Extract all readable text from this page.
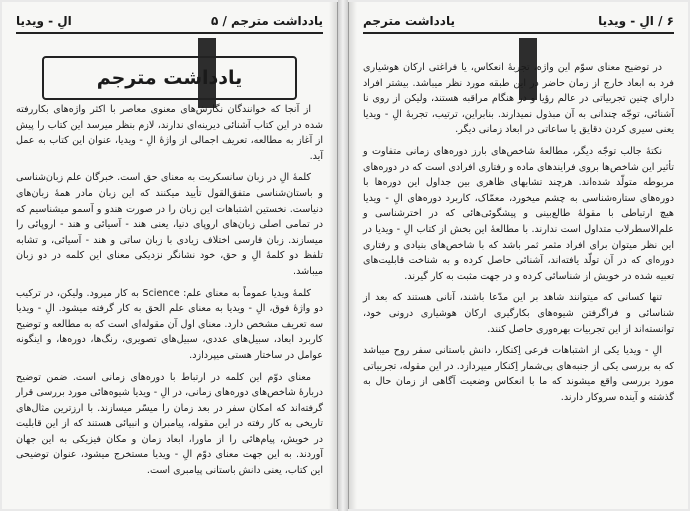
یادداشت مترجم / ۵
الِ - ویدیا
یادداشت مترجم

از آنجا که خوانندگان نگارش‌های معنوی معاصر با اکثر واژه‌های بکاررفته شده در این کتاب آشنائی دیرینه‌ای ندارند، لازم بنظر میرسد این کتاب را پیش از آغاز به مطالعه، تعریف اجمالی از واژهٔ الِ - ویدیا، عنوان این کتاب به عمل آید.

کلمهٔ الِ در زبان سانسکریت به معنای حق است. خبرگان علم زبان‌شناسی و باستان‌شناسی متفق‌القول تأیید میکنند که این زبان مادر همهٔ زبان‌های دنیاست. نخستین اشتباهات این زبان را در صورت هندو و آسمو میشناسیم که در تمامی اصلی زبان‌های اروپای دنیا، یعنی هند - آسیائی و هند - اروپائی را میسازند. زبان فارسی اختلاف زیادی با زبان ساتی و هند - آسیائی، و تشابه تلفظ دو کلمهٔ الِ و حق، خود نشانگر نزدیکی معنای این کلمه در دو زبان میباشد.

کلمهٔ ویدیا عموماً به معنای علم: Science به کار میرود. ولیکن، در ترکیب دو واژهٔ فوق، الِ - ویدیا به معنای علم الحق به کار گرفته میشود. الِ - ویدیا سه تعریف مشخص دارد. معنای اول آن مقوله‌ای است که به مطالعه و توضیح کاربرد ابعاد، سبیل‌های عددی، سبیل‌های تصویری، رنگ‌ها، دوره‌ها، و اینگونه عوامل در ساختار هستی میپردازد.

معنای دوّم این کلمه در ارتباط با دوره‌های زمانی است. ضمن توضیح دربارهٔ شاخص‌های دوره‌های زمانی، در الِ - ویدیا شیوه‌هائی مورد بررسی قرار گرفته‌اند که امکان سفر در بعد زمان را میسّر میسازند. با ارزترین مثال‌های تاریخی به کار رفته در این مقوله، پیامبران و انبیائی هستند که از این قابلیت در خویش، پیام‌هائی را از ماورا، ابعاد زمان و مکان فیزیکی به این جهان آوردند. به این جهت معنای دوّم الِ - ویدیا مستخرج میشود، عنوان توضیحی این کتاب، یعنی دانش باستانی پیامبری است.

۶ / الِ - ویدیا
یادداشت مترجم

در توضیح معنای سوّم این واژه، تجربهٔ انعکاس، یا فراغتی ارکان هوشیاری فرد به ابعاد خارج از زمان حاضر در این طبقه مورد نظر میباشد. بیشتر افراد دارای چنین تجربیاتی در عالم رؤیا و در هنگام مراقبه هستند، ولیکن از روی نا آشنائی، توجّه چندانی به آن مبذول نمیدارند. بنابراین، ترتیب، تجربهٔ الِ - ویدیا یعنی سیری کردن دقایق یا ساعاتی در ابعاد زمانی دیگر.

نکتهٔ جالب توجّه دیگر، مطالعهٔ شاخص‌های بارز دوره‌های زمانی متفاوت و تأثیر این شاخص‌ها بروی فرایندهای ماده و رفتاری افرادی است که در دوره‌های مربوطه متولّد شده‌اند. هرچند تشابهای ظاهری بین جداول این دوره‌ها با دوره‌های ستاره‌شناسی به چشم میخورد، معمّاک، کاربرد دوره‌های الِ - ویدیا هیچ ارتباطی با مقولهٔ طالع‌بینی و پیشگوئی‌هائی که در اخترشناسی و علم‌الاسطرلاب متداول است ندارند. با مطالعهٔ این بخش از کتاب الِ - ویدیا در این نظر میتوان برای افراد مثمر ثمر باشد که با شاخص‌های بنیادی و رفتاری دوره‌ای که در آن تولّد یافته‌اند، آشنائی حاصل کرده و به شناخت قابلیت‌های تعبیه شده در خویش از شناسائی کرده و در جهت مثبت به کار گیرند.

تنها کسانی که میتوانند شاهد بر این مدّعا باشند، آنانی هستند که بعد از شناسائی و فراگرفتن شیوه‌های بکارگیری ارکان هوشیاری درونی خود، توانسته‌اند از این تجربیات بهره‌وری حاصل کنند.

الِ - ویدیا یکی از اشتباهات فرعی اِکنکار، دانش باستانی سفر روح میباشد که به بررسی یکی از جنبه‌های بی‌شمار اِکنکار میپردازد. در این مقوله، تجربیاتی مورد بررسی واقع میشوند که ما با انعکاس وضعیت آگاهی از زمان حال به گذشته و آینده سروکار دارند.
